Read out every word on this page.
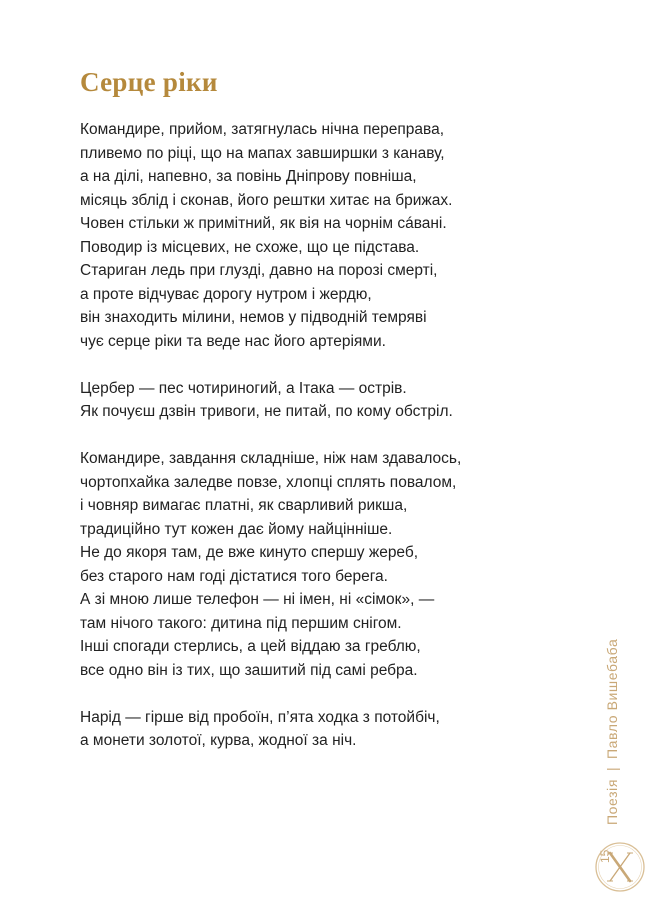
Серце ріки

Командире, прийом, затягнулась нічна переправа,
пливемо по ріці, що на мапах завширшки з канаву,
а на ділі, напевно, за повінь Дніпрову повніша,
місяць зблід і сконав, його рештки хитає на брижах.
Човен стільки ж примітний, як вія на чорнім сáвані.
Поводир із місцевих, не схоже, що це підстава.
Стариган ледь при глузді, давно на порозі смерті,
а проте відчуває дорогу нутром і жердю,
він знаходить мілини, немов у підводній темряві
чує серце ріки та веде нас його артеріями.

Цербер — пес чотириногий, а Ітака — острів.
Як почуєш дзвін тривоги, не питай, по кому обстріл.

Командире, завдання складніше, ніж нам здавалось,
чортопхайка заледве повзе, хлопці сплять повалом,
і човняр вимагає платні, як сварливий рикша,
традиційно тут кожен дає йому найцінніше.
Не до якоря там, де вже кинуто спершу жереб,
без старого нам годі дістатися того берега.
А зі мною лише телефон — ні імен, ні «сімок», —
там нічого такого: дитина під першим снігом.
Інші спогади стерлись, а цей віддаю за греблю,
все одно він із тих, що зашитий під самі ребра.

Нарід — гірше від пробоїн, п’ята ходка з потойбіч,
а монети золотої, курва, жодної за ніч.

Поезія
|
Павло Вишебаба
15
